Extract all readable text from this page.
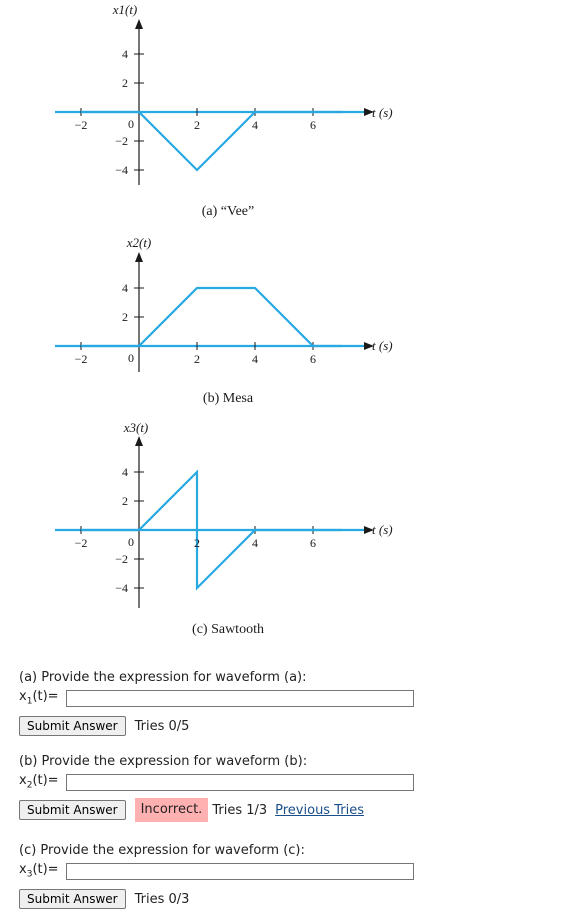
−2	0	2	4	6
4
2
−2
−4
x1(t)
t (s)
(a) “Vee”
−2	0	2	4	6
4
2
x2(t)
t (s)
(b) Mesa
−2	0	2	4	6
4
2
−2
−4
x3(t)
t (s)
(c) Sawtooth
(a) Provide the expression for waveform (a):
$x_1(t)=$
Submit Answer	Tries 0/5
(b) Provide the expression for waveform (b):
$x_2(t)=$
Submit Answer	Incorrect. Tries 1/3 Previous Tries
(c) Provide the expression for waveform (c):
$x_3(t)=$
Submit Answer	Tries 0/3
